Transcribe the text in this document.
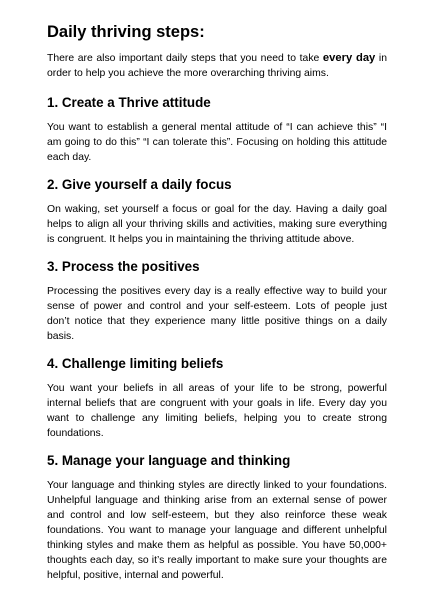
Daily thriving steps:

There are also important daily steps that you need to take every day in order to help you achieve the more overarching thriving aims.

1. Create a Thrive attitude

You want to establish a general mental attitude of “I can achieve this” “I am going to do this” “I can tolerate this”. Focusing on holding this attitude each day.

2. Give yourself a daily focus

On waking, set yourself a focus or goal for the day. Having a daily goal helps to align all your thriving skills and activities, making sure everything is congruent. It helps you in maintaining the thriving attitude above.

3. Process the positives

Processing the positives every day is a really effective way to build your sense of power and control and your self-esteem. Lots of people just don’t notice that they experience many little positive things on a daily basis.

4. Challenge limiting beliefs

You want your beliefs in all areas of your life to be strong, powerful internal beliefs that are congruent with your goals in life. Every day you want to challenge any limiting beliefs, helping you to create strong foundations.

5. Manage your language and thinking

Your language and thinking styles are directly linked to your foundations. Unhelpful language and thinking arise from an external sense of power and control and low self-esteem, but they also reinforce these weak foundations. You want to manage your language and different unhelpful thinking styles and make them as helpful as possible. You have 50,000+ thoughts each day, so it’s really important to make sure your thoughts are helpful, positive, internal and powerful.
